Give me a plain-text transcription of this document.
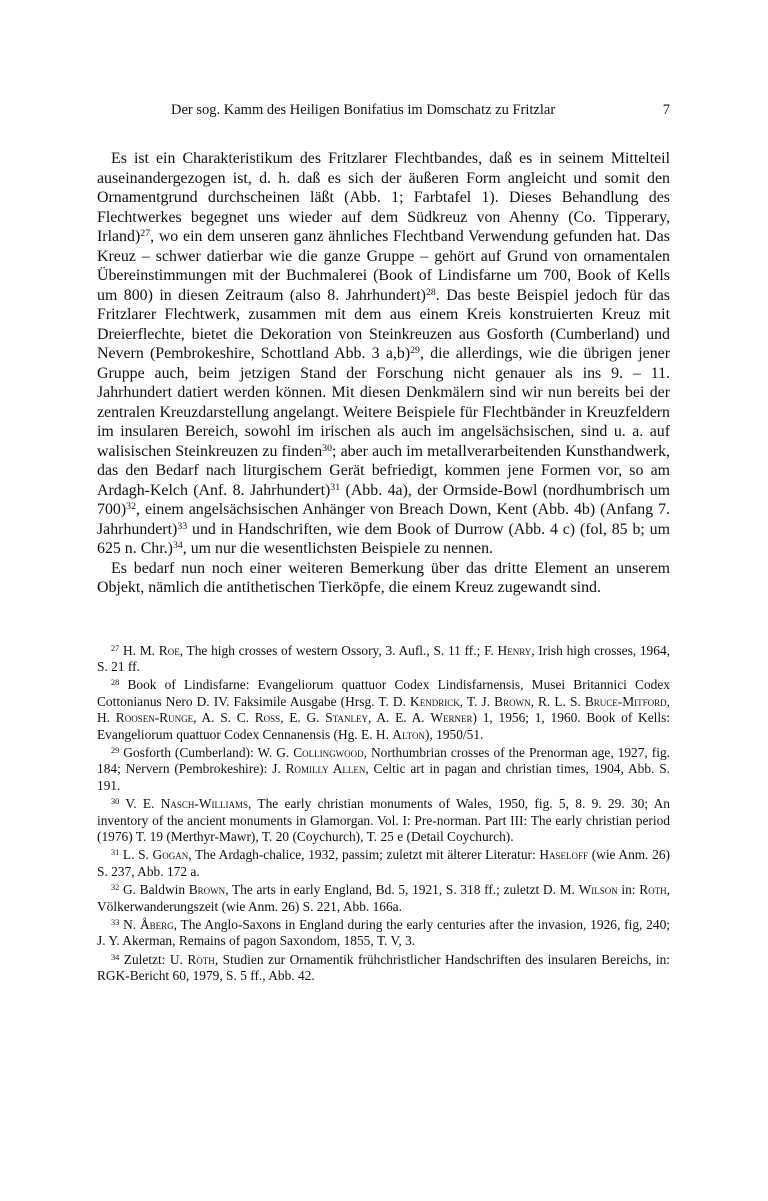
Der sog. Kamm des Heiligen Bonifatius im Domschatz zu Fritzlar	7

Es ist ein Charakteristikum des Fritzlarer Flechtbandes, daß es in seinem Mittelteil auseinandergezogen ist, d. h. daß es sich der äußeren Form angleicht und somit den Ornamentgrund durchscheinen läßt (Abb. 1; Farbtafel 1). Dieses Behandlung des Flechtwerkes begegnet uns wieder auf dem Südkreuz von Ahenny (Co. Tipperary, Irland)$^{27}$, wo ein dem unseren ganz ähnliches Flechtband Verwendung gefunden hat. Das Kreuz – schwer datierbar wie die ganze Gruppe – gehört auf Grund von ornamentalen Übereinstimmungen mit der Buchmalerei (Book of Lindisfarne um 700, Book of Kells um 800) in diesen Zeitraum (also 8. Jahrhundert)$^{28}$. Das beste Beispiel jedoch für das Fritzlarer Flechtwerk, zusammen mit dem aus einem Kreis konstruierten Kreuz mit Dreierflechte, bietet die Dekoration von Steinkreuzen aus Gosforth (Cumberland) und Nevern (Pembrokeshire, Schottland Abb. 3 a,b)$^{29}$, die allerdings, wie die übrigen jener Gruppe auch, beim jetzigen Stand der Forschung nicht genauer als ins 9. – 11. Jahrhundert datiert werden können. Mit diesen Denkmälern sind wir nun bereits bei der zentralen Kreuzdarstellung angelangt. Weitere Beispiele für Flechtbänder in Kreuzfeldern im insularen Bereich, sowohl im irischen als auch im angelsächsischen, sind u. a. auf walisischen Steinkreuzen zu finden$^{30}$; aber auch im metallverarbeitenden Kunsthandwerk, das den Bedarf nach liturgischem Gerät befriedigt, kommen jene Formen vor, so am Ardagh-Kelch (Anf. 8. Jahrhundert)$^{31}$ (Abb. 4a), der Ormside-Bowl (nordhumbrisch um 700)$^{32}$, einem angelsächsischen Anhänger von Breach Down, Kent (Abb. 4b) (Anfang 7. Jahrhundert)$^{33}$ und in Handschriften, wie dem Book of Durrow (Abb. 4 c) (fol, 85 b; um 625 n. Chr.)$^{34}$, um nur die wesentlichsten Beispiele zu nennen.

Es bedarf nun noch einer weiteren Bemerkung über das dritte Element an unserem Objekt, nämlich die antithetischen Tierköpfe, die einem Kreuz zugewandt sind.

$^{27}$ H. M. Roe, The high crosses of western Ossory, 3. Aufl., S. 11 ff.; F. Henry, Irish high crosses, 1964, S. 21 ff.
$^{28}$ Book of Lindisfarne: Evangeliorum quattuor Codex Lindisfarnensis, Musei Britannici Codex Cottonianus Nero D. IV. Faksimile Ausgabe (Hrsg. T. D. Kendrick, T. J. Brown, R. L. S. Bruce-Mitford, H. Roosen-Runge, A. S. C. Ross, E. G. Stanley, A. E. A. Werner) 1, 1956; 1, 1960. Book of Kells: Evangeliorum quattuor Codex Cennanensis (Hg. E. H. Alton), 1950/51.
$^{29}$ Gosforth (Cumberland): W. G. Collingwood, Northumbrian crosses of the Prenorman age, 1927, fig. 184; Nervern (Pembrokeshire): J. Romilly Allen, Celtic art in pagan and christian times, 1904, Abb. S. 191.
$^{30}$ V. E. Nasch-Williams, The early christian monuments of Wales, 1950, fig. 5, 8. 9. 29. 30; An inventory of the ancient monuments in Glamorgan. Vol. I: Pre-norman. Part III: The early christian period (1976) T. 19 (Merthyr-Mawr), T. 20 (Coychurch), T. 25 e (Detail Coychurch).
$^{31}$ L. S. Gogan, The Ardagh-chalice, 1932, passim; zuletzt mit älterer Literatur: Haseloff (wie Anm. 26) S. 237, Abb. 172 a.
$^{32}$ G. Baldwin Brown, The arts in early England, Bd. 5, 1921, S. 318 ff.; zuletzt D. M. Wilson in: Roth, Völkerwanderungszeit (wie Anm. 26) S. 221, Abb. 166a.
$^{33}$ N. Åberg, The Anglo-Saxons in England during the early centuries after the invasion, 1926, fig, 240; J. Y. Akerman, Remains of pagon Saxondom, 1855, T. V, 3.
$^{34}$ Zuletzt: U. Roth, Studien zur Ornamentik frühchristlicher Handschriften des insularen Bereichs, in: RGK-Bericht 60, 1979, S. 5 ff., Abb. 42.
